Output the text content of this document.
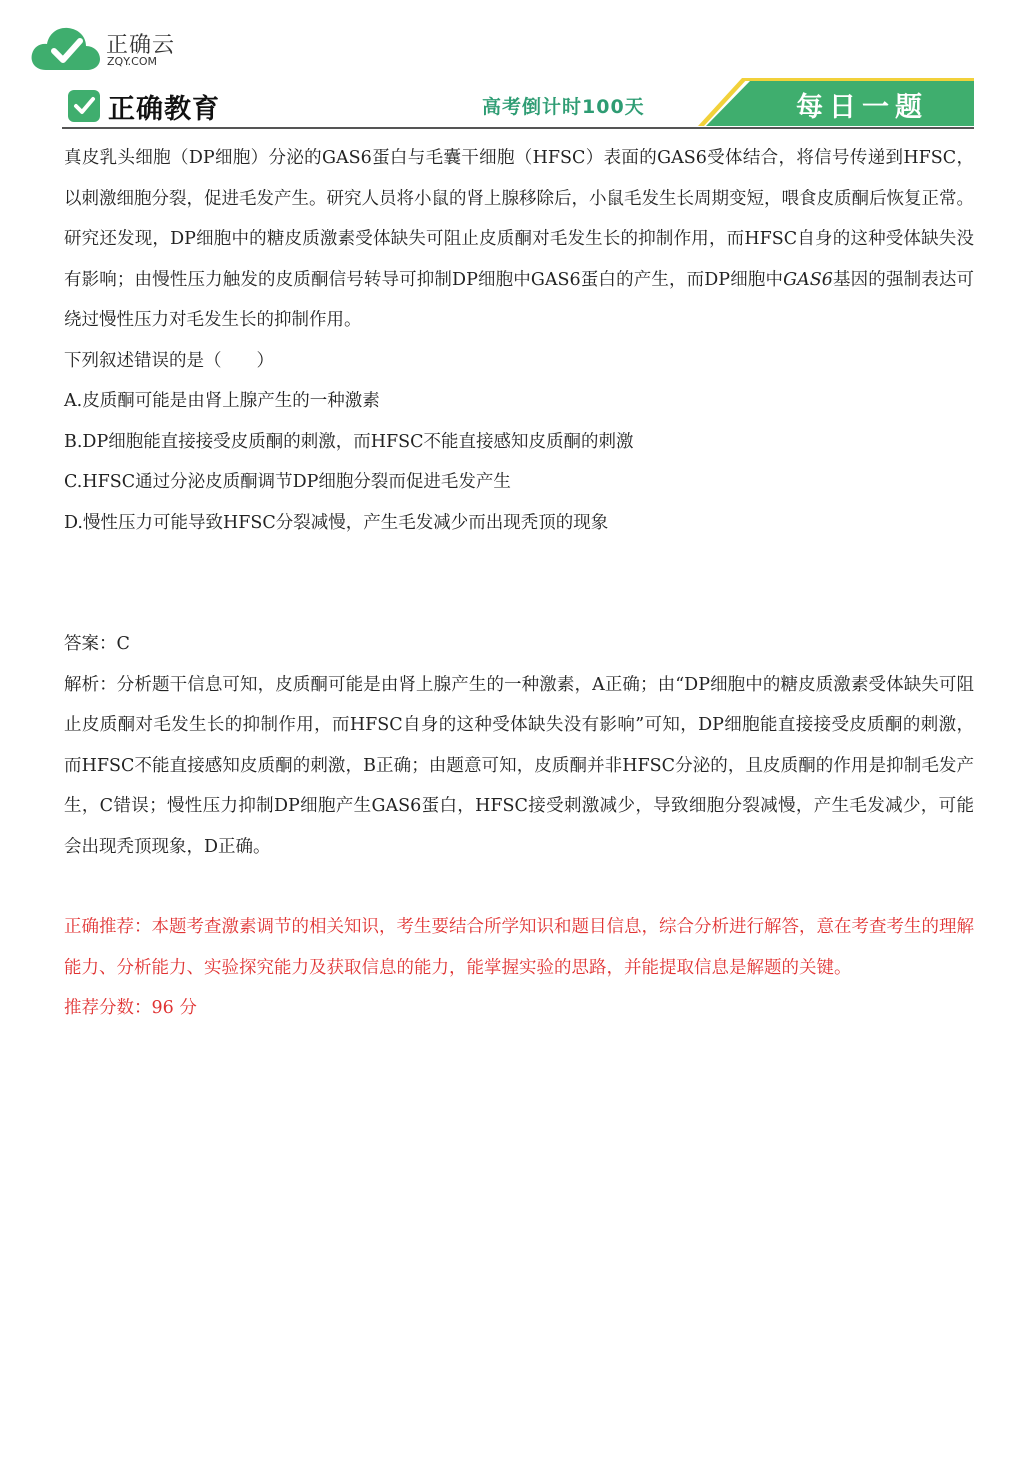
正确云
ZQY.COM
正确教育	高考倒计时100天	每日一题

真皮乳头细胞（DP细胞）分泌的GAS6蛋白与毛囊干细胞（HFSC）表面的GAS6受体结合，将信号传递到HFSC，以刺激细胞分裂，促进毛发产生。研究人员将小鼠的肾上腺移除后，小鼠毛发生长周期变短，喂食皮质酮后恢复正常。研究还发现，DP细胞中的糖皮质激素受体缺失可阻止皮质酮对毛发生长的抑制作用，而HFSC自身的这种受体缺失没有影响；由慢性压力触发的皮质酮信号转导可抑制DP细胞中GAS6蛋白的产生，而DP细胞中GAS6基因的强制表达可绕过慢性压力对毛发生长的抑制作用。

下列叙述错误的是（　　）

A.皮质酮可能是由肾上腺产生的一种激素

B.DP细胞能直接接受皮质酮的刺激，而HFSC不能直接感知皮质酮的刺激

C.HFSC通过分泌皮质酮调节DP细胞分裂而促进毛发产生

D.慢性压力可能导致HFSC分裂减慢，产生毛发减少而出现秃顶的现象

答案：C

解析：分析题干信息可知，皮质酮可能是由肾上腺产生的一种激素，A正确；由“DP细胞中的糖皮质激素受体缺失可阻止皮质酮对毛发生长的抑制作用，而HFSC自身的这种受体缺失没有影响”可知，DP细胞能直接接受皮质酮的刺激，而HFSC不能直接感知皮质酮的刺激，B正确；由题意可知，皮质酮并非HFSC分泌的，且皮质酮的作用是抑制毛发产生，C错误；慢性压力抑制DP细胞产生GAS6蛋白，HFSC接受刺激减少，导致细胞分裂减慢，产生毛发减少，可能会出现秃顶现象，D正确。

正确推荐：本题考查激素调节的相关知识，考生要结合所学知识和题目信息，综合分析进行解答，意在考查考生的理解能力、分析能力、实验探究能力及获取信息的能力，能掌握实验的思路，并能提取信息是解题的关键。

推荐分数：96 分
